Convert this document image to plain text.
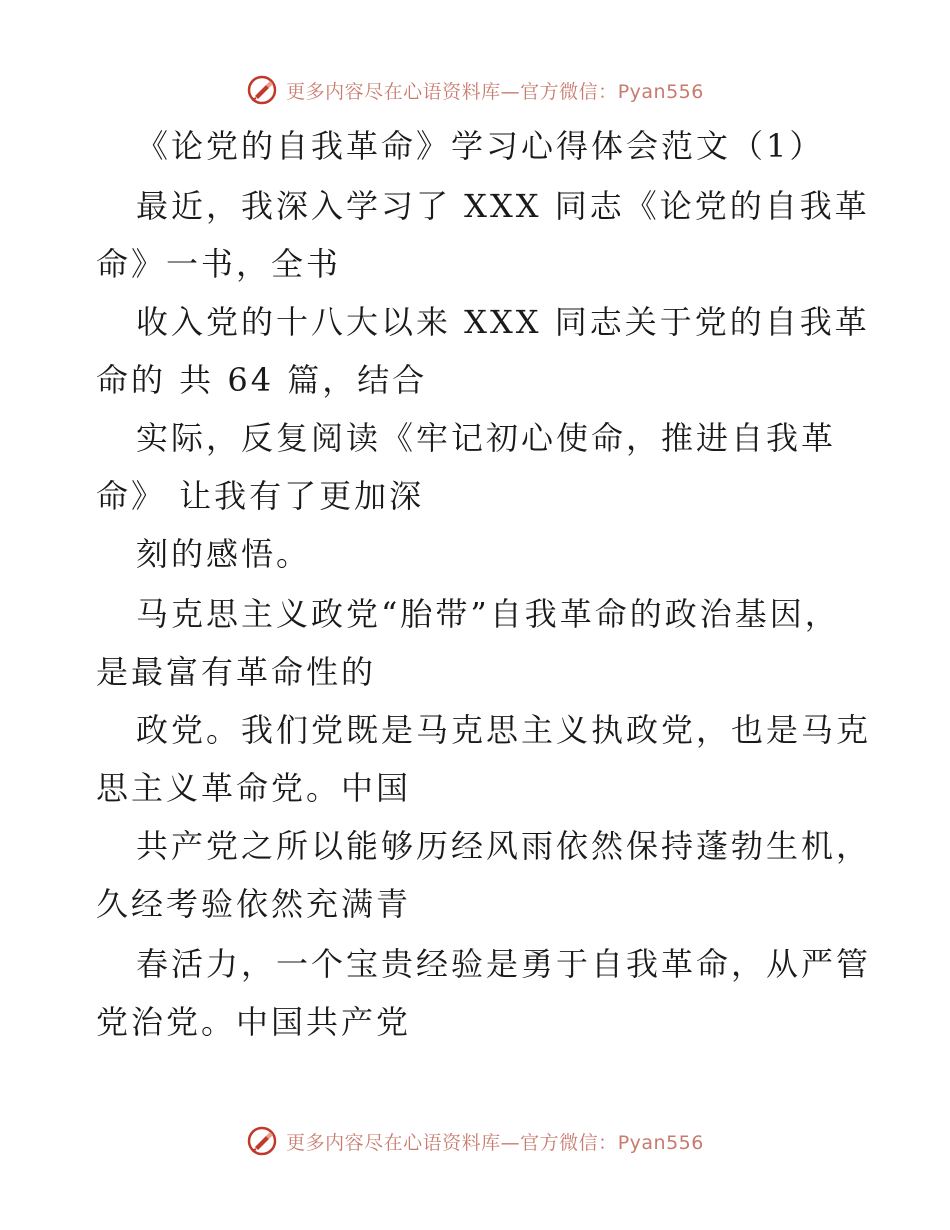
更多内容尽在心语资料库—官方微信：Pyan556
《论党的自我革命》学习心得体会范文（1）
最近，我深入学习了 XXX 同志《论党的自我革
命》一书，全书
收入党的十八大以来 XXX 同志关于党的自我革
命的 共 64 篇，结合
实际，反复阅读《牢记初心使命，推进自我革
命》 让我有了更加深
刻的感悟。
马克思主义政党“胎带”自我革命的政治基因，
是最富有革命性的
政党。我们党既是马克思主义执政党，也是马克
思主义革命党。中国
共产党之所以能够历经风雨依然保持蓬勃生机，
久经考验依然充满青
春活力，一个宝贵经验是勇于自我革命，从严管
党治党。中国共产党
更多内容尽在心语资料库—官方微信：Pyan556
